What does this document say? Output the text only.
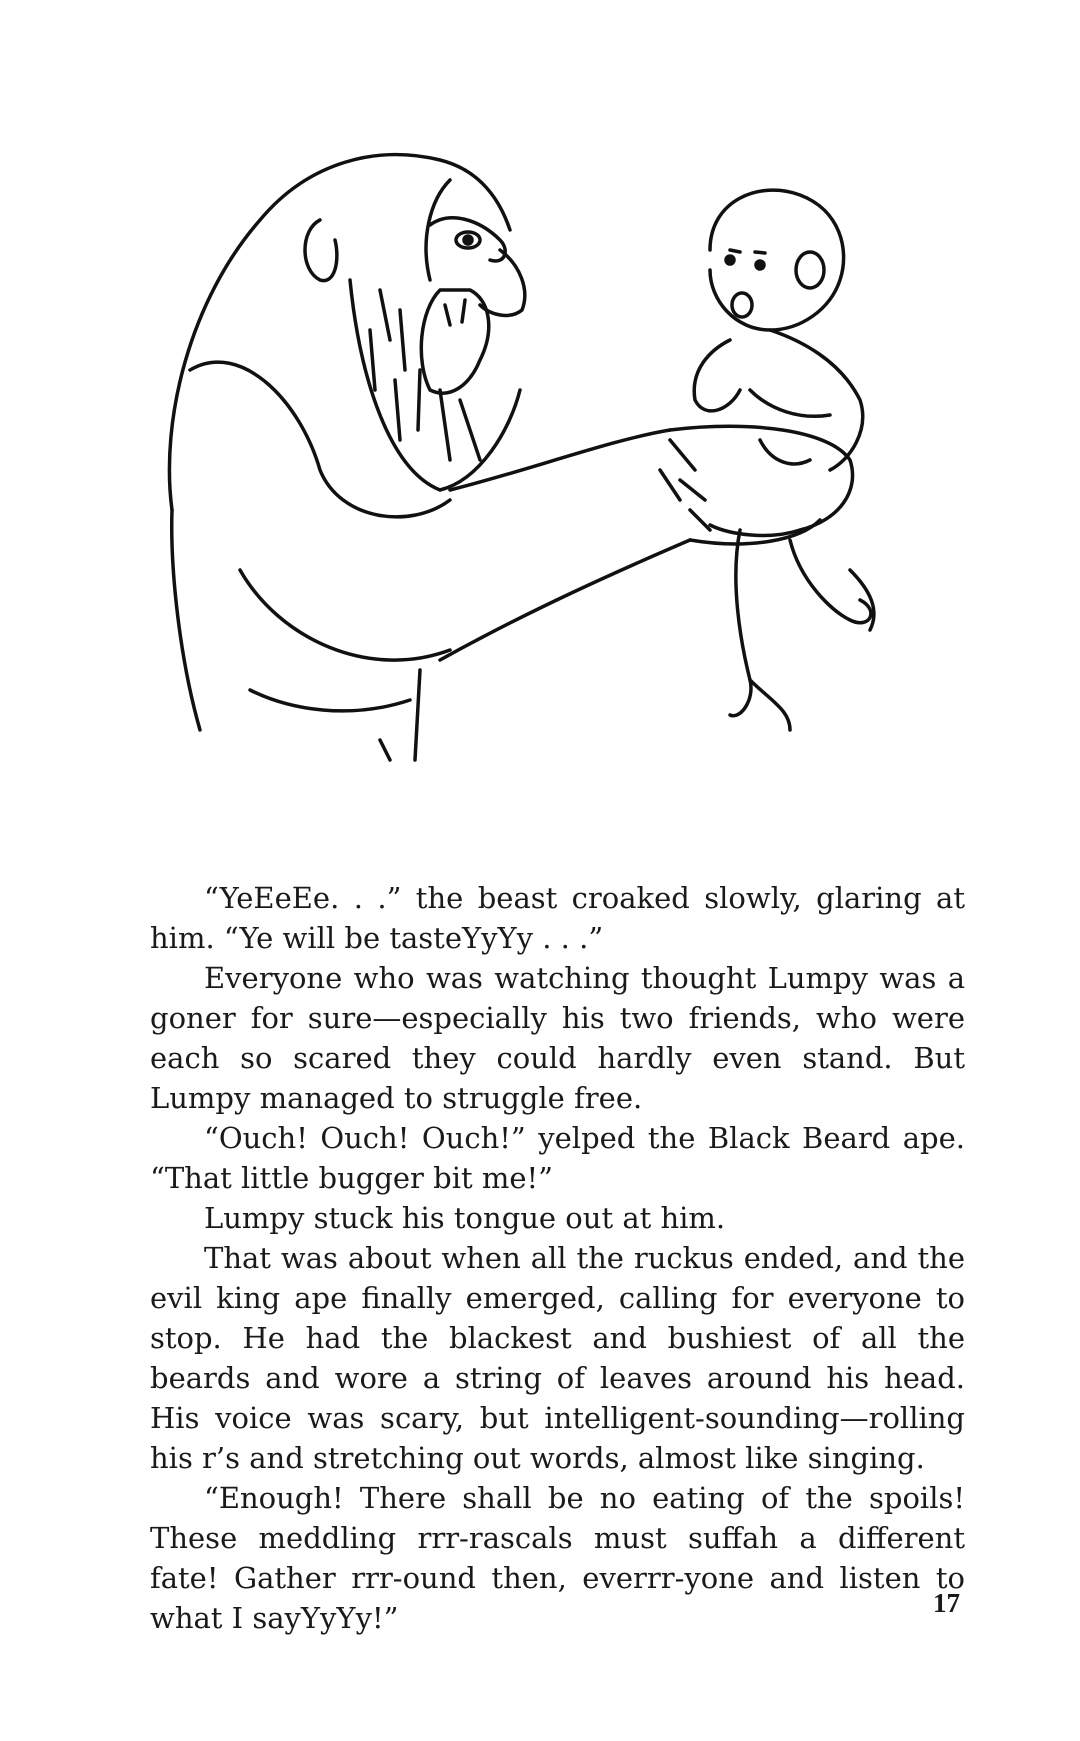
“YeEeEe. . .” the beast croaked slowly, glaring at him. “Ye will be tasteYyYy . . .”

Everyone who was watching thought Lumpy was a goner for sure—especially his two friends, who were each so scared they could hardly even stand. But Lumpy managed to struggle free.

“Ouch! Ouch! Ouch!” yelped the Black Beard ape. “That little bugger bit me!”

Lumpy stuck his tongue out at him.

That was about when all the ruckus ended, and the evil king ape finally emerged, calling for everyone to stop. He had the blackest and bushiest of all the beards and wore a string of leaves around his head. His voice was scary, but intelligent-sounding—rolling his r’s and stretching out words, almost like singing.

“Enough! There shall be no eating of the spoils! These meddling rrr-rascals must suffah a different fate! Gather rrr-ound then, everrr-yone and listen to what I sayYyYy!”	17
